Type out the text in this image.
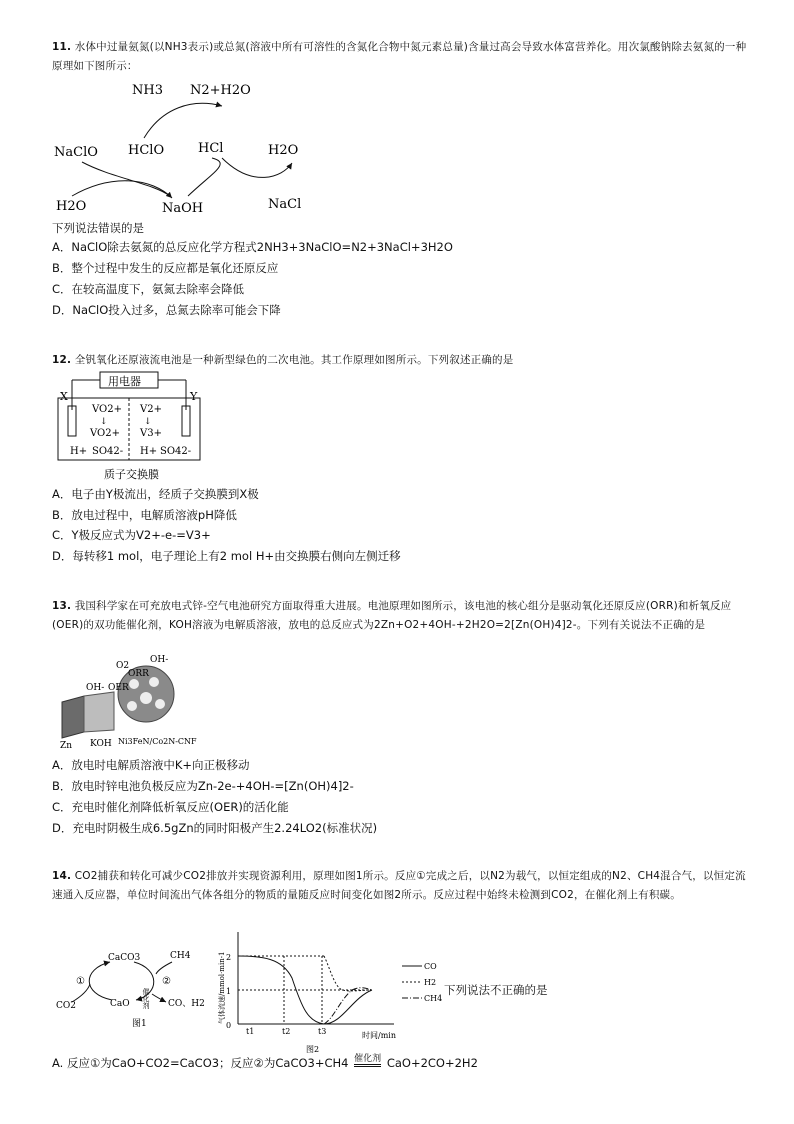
11. 水体中过量氨氮(以NH3表示)或总氮(溶液中所有可溶性的含氮化合物中氮元素总量)含量过高会导致水体富营养化。用次氯酸钠除去氨氮的一种原理如下图所示：
NH3 N2+H2O
NaClO HClO	HCl	H2O
H2O	NaOH	NaCl
下列说法错误的是
A．NaClO除去氨氮的总反应化学方程式2NH3+3NaClO=N2+3NaCl+3H2O
B．整个过程中发生的反应都是氧化还原反应
C．在较高温度下，氨氮去除率会降低
D．NaClO投入过多，总氮去除率可能会下降
12. 全钒氧化还原液流电池是一种新型绿色的二次电池。其工作原理如图所示。下列叙述正确的是
用电器
X	Y
VO2+
↓
VO2+
V2+
↓
V3+
H+ SO42- H+ SO42-
质子交换膜
A．电子由Y极流出，经质子交换膜到X极
B．放电过程中，电解质溶液pH降低
C．Y极反应式为V2+-e-=V3+
D．每转移1 mol，电子理论上有2 mol H+由交换膜右侧向左侧迁移
13. 我国科学家在可充放电式锌-空气电池研究方面取得重大进展。电池原理如图所示，该电池的核心组分是驱动氧化还原反应(ORR)和析氧反应(OER)的双功能催化剂，KOH溶液为电解质溶液，放电的总反应式为2Zn+O2+4OH-+2H2O=2[Zn(OH)4]2-。下列有关说法不正确的是
O2
OH-
ORR
OH- OER
Zn KOH Ni3FeN/Co2N-CNF
A．放电时电解质溶液中K+向正极移动
B．放电时锌电池负极反应为Zn-2e-+4OH-=[Zn(OH)4]2-
C．充电时催化剂降低析氧反应(OER)的活化能
D．充电时阴极生成6.5gZn的同时阳极产生2.24LO2(标准状况)
14. CO2捕获和转化可减少CO2排放并实现资源利用，原理如图1所示。反应①完成之后，以N2为载气，以恒定组成的N2、CH4混合气，以恒定流速通入反应器，单位时间流出气体各组分的物质的量随反应时间变化如图2所示。反应过程中始终未检测到CO2，在催化剂上有积碳。
CaCO3	CH4
①	②
催化剂
CO2	CaO	CO、H2
图1	气体流速/mmol·min-1
时间/min
图2
0
1
2
t1	t2	t3
CO
H2
CH4
下列说法不正确的是
A. 反应①为CaO+CO2=CaCO3；反应②为CaCO3+CH4 催化剂 CaO+2CO+2H2
